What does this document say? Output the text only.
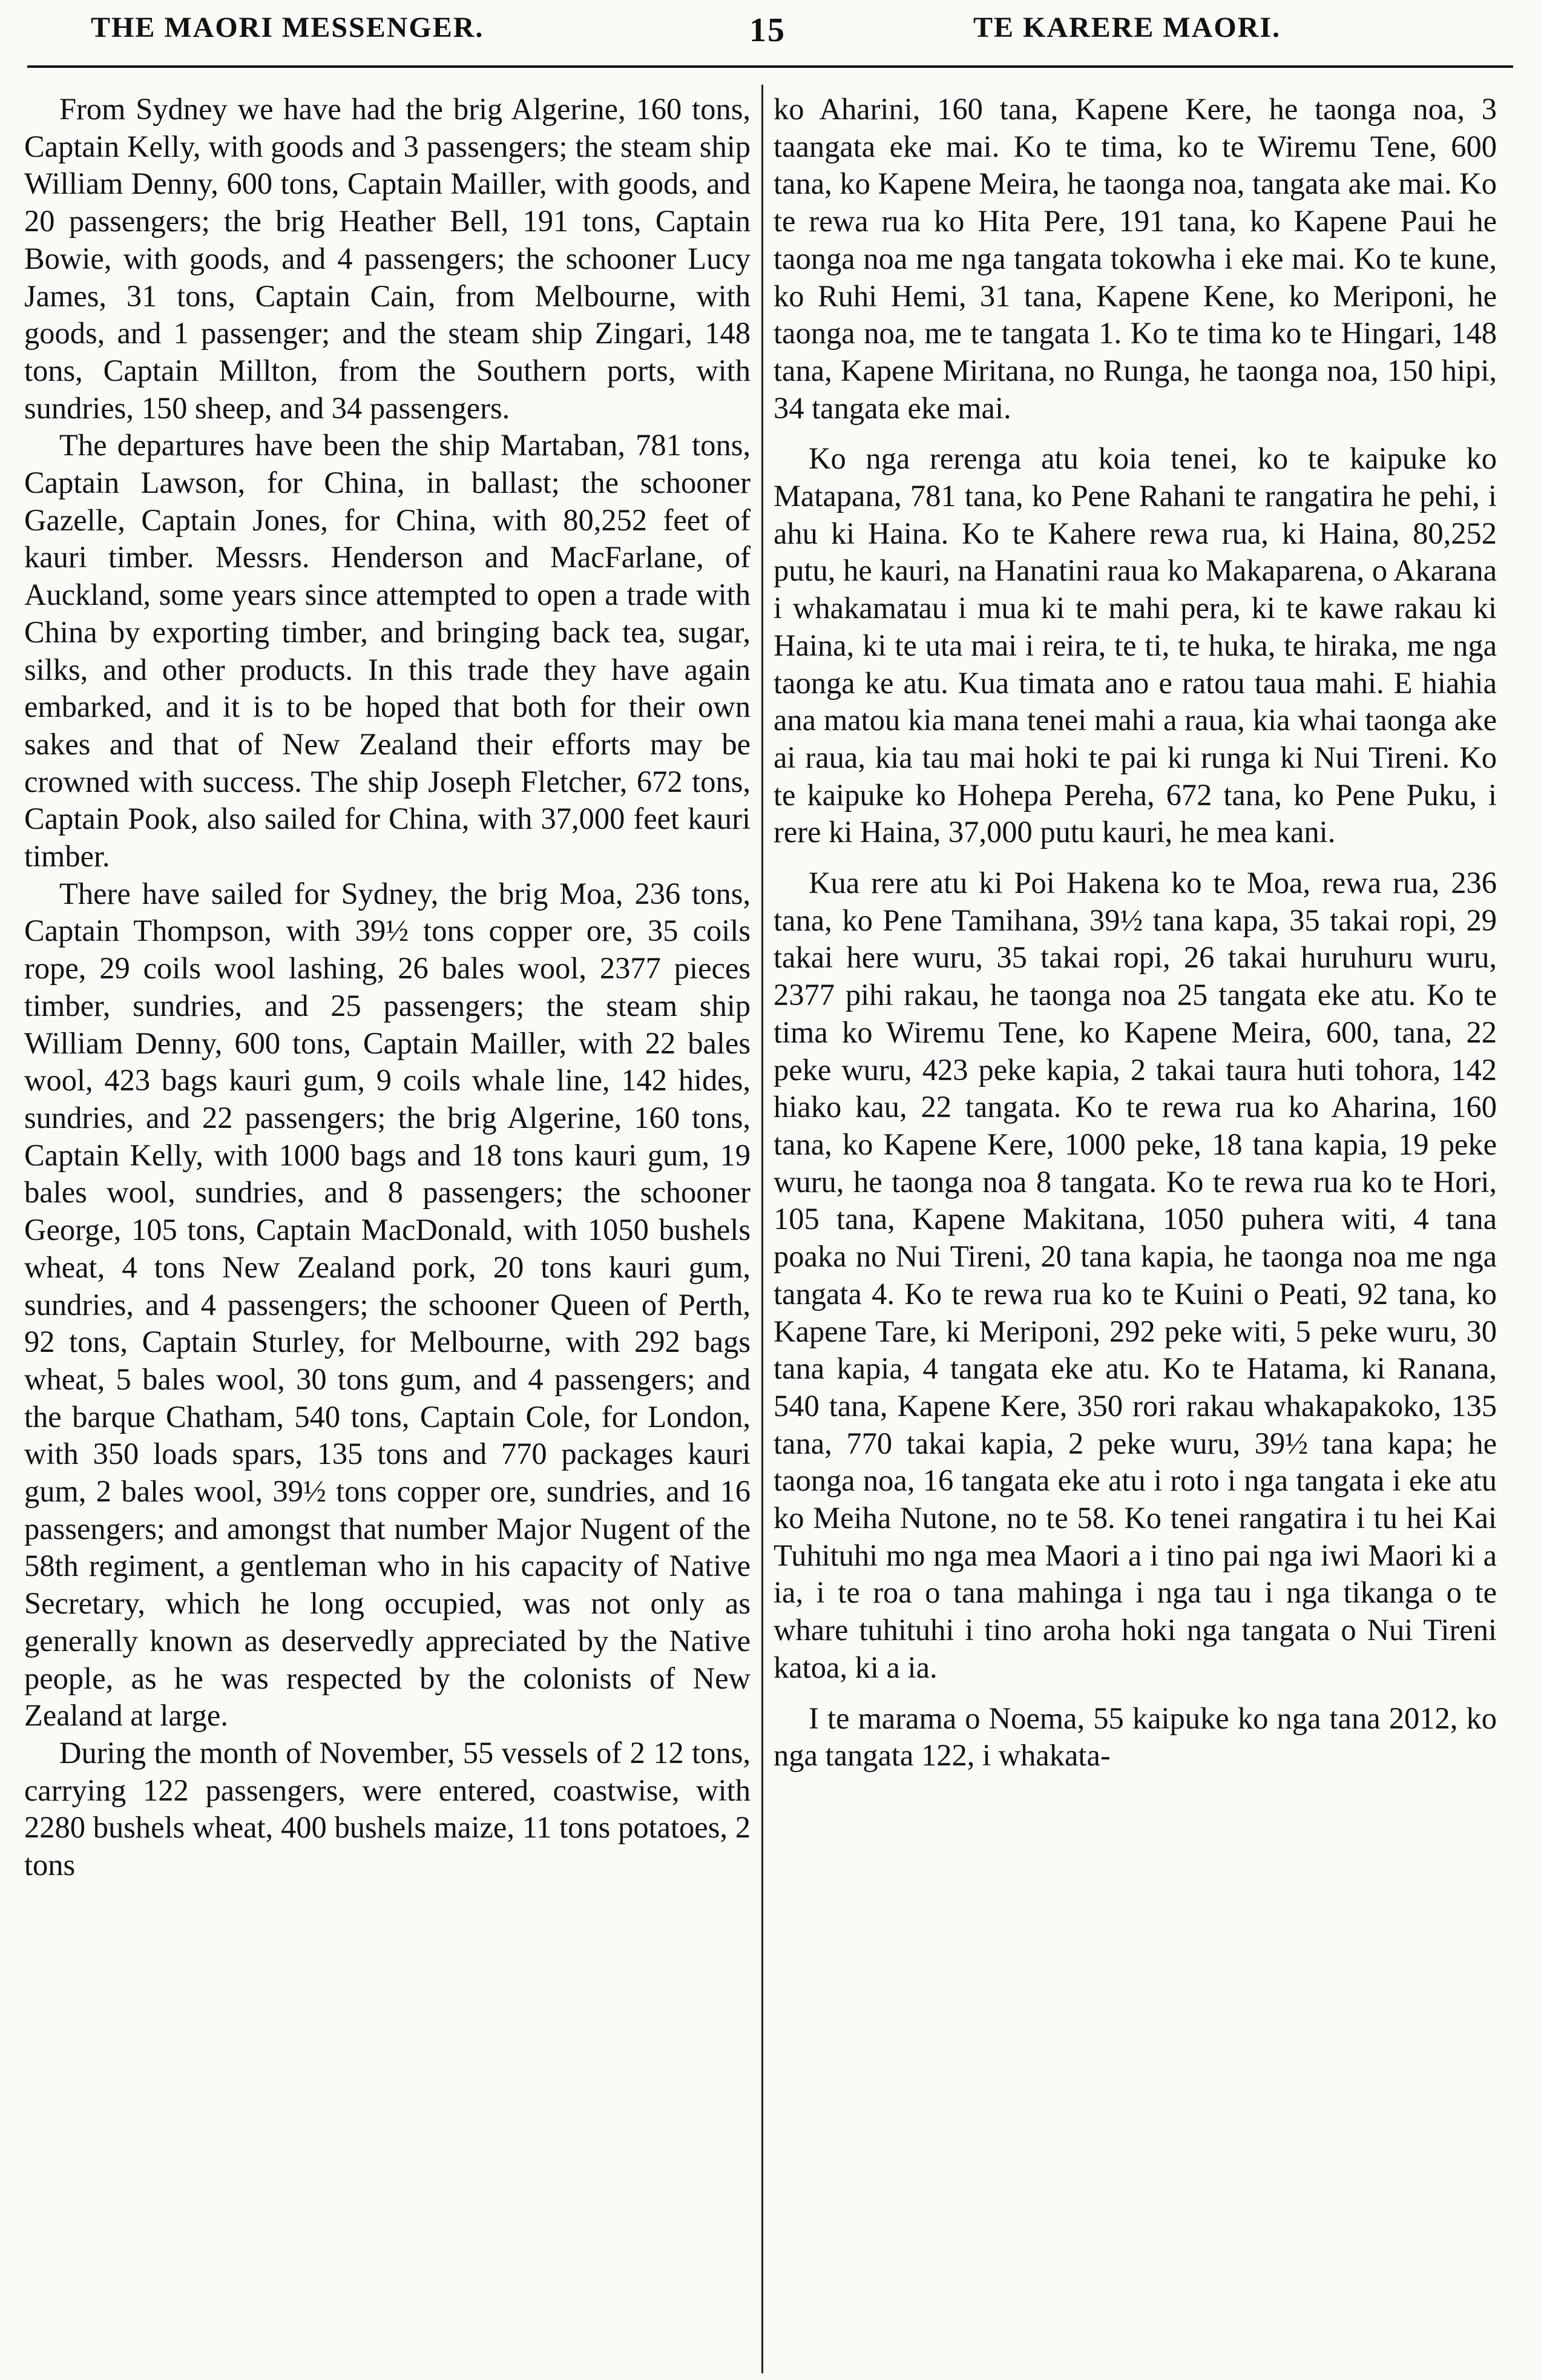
THE MAORI MESSENGER.	15	TE KARERE MAORI.

From Sydney we have had the brig Algerine, 160 tons, Captain Kelly, with goods and 3 passengers; the steam ship William Denny, 600 tons, Captain Mailler, with goods, and 20 passengers; the brig Heather Bell, 191 tons, Captain Bowie, with goods, and 4 passengers; the schooner Lucy James, 31 tons, Captain Cain, from Melbourne, with goods, and 1 passenger; and the steam ship Zingari, 148 tons, Captain Millton, from the Southern ports, with sundries, 150 sheep, and 34 passengers.

The departures have been the ship Martaban, 781 tons, Captain Lawson, for China, in ballast; the schooner Gazelle, Captain Jones, for China, with 80,252 feet of kauri timber. Messrs. Henderson and MacFarlane, of Auckland, some years since attempted to open a trade with China by exporting timber, and bringing back tea, sugar, silks, and other products. In this trade they have again embarked, and it is to be hoped that both for their own sakes and that of New Zealand their efforts may be crowned with success. The ship Joseph Fletcher, 672 tons, Captain Pook, also sailed for China, with 37,000 feet kauri timber.

There have sailed for Sydney, the brig Moa, 236 tons, Captain Thompson, with 39½ tons copper ore, 35 coils rope, 29 coils wool lashing, 26 bales wool, 2377 pieces timber, sundries, and 25 passengers; the steam ship William Denny, 600 tons, Captain Mailler, with 22 bales wool, 423 bags kauri gum, 9 coils whale line, 142 hides, sundries, and 22 passengers; the brig Algerine, 160 tons, Captain Kelly, with 1000 bags and 18 tons kauri gum, 19 bales wool, sundries, and 8 passengers; the schooner George, 105 tons, Captain MacDonald, with 1050 bushels wheat, 4 tons New Zealand pork, 20 tons kauri gum, sundries, and 4 passengers; the schooner Queen of Perth, 92 tons, Captain Sturley, for Melbourne, with 292 bags wheat, 5 bales wool, 30 tons gum, and 4 passengers; and the barque Chatham, 540 tons, Captain Cole, for London, with 350 loads spars, 135 tons and 770 packages kauri gum, 2 bales wool, 39½ tons copper ore, sundries, and 16 passengers; and amongst that number Major Nugent of the 58th regiment, a gentleman who in his capacity of Native Secretary, which he long occupied, was not only as generally known as deservedly appreciated by the Native people, as he was respected by the colonists of New Zealand at large.

During the month of November, 55 vessels of 2 12 tons, carrying 122 passengers, were entered, coastwise, with 2280 bushels wheat, 400 bushels maize, 11 tons potatoes, 2 tons

ko Aharini, 160 tana, Kapene Kere, he taonga noa, 3 taangata eke mai. Ko te tima, ko te Wiremu Tene, 600 tana, ko Kapene Meira, he taonga noa, tangata ake mai. Ko te rewa rua ko Hita Pere, 191 tana, ko Kapene Paui he taonga noa me nga tangata tokowha i eke mai. Ko te kune, ko Ruhi Hemi, 31 tana, Kapene Kene, ko Meriponi, he taonga noa, me te tangata 1. Ko te tima ko te Hingari, 148 tana, Kapene Miritana, no Runga, he taonga noa, 150 hipi, 34 tangata eke mai.

Ko nga rerenga atu koia tenei, ko te kaipuke ko Matapana, 781 tana, ko Pene Rahani te rangatira he pehi, i ahu ki Haina. Ko te Kahere rewa rua, ki Haina, 80,252 putu, he kauri, na Hanatini raua ko Makaparena, o Akarana i whakamatau i mua ki te mahi pera, ki te kawe rakau ki Haina, ki te uta mai i reira, te ti, te huka, te hiraka, me nga taonga ke atu. Kua timata ano e ratou taua mahi. E hiahia ana matou kia mana tenei mahi a raua, kia whai taonga ake ai raua, kia tau mai hoki te pai ki runga ki Nui Tireni. Ko te kaipuke ko Hohepa Pereha, 672 tana, ko Pene Puku, i rere ki Haina, 37,000 putu kauri, he mea kani.

Kua rere atu ki Poi Hakena ko te Moa, rewa rua, 236 tana, ko Pene Tamihana, 39½ tana kapa, 35 takai ropi, 29 takai here wuru, 35 takai ropi, 26 takai huruhuru wuru, 2377 pihi rakau, he taonga noa 25 tangata eke atu. Ko te tima ko Wiremu Tene, ko Kapene Meira, 600, tana, 22 peke wuru, 423 peke kapia, 2 takai taura huti tohora, 142 hiako kau, 22 tangata. Ko te rewa rua ko Aharina, 160 tana, ko Kapene Kere, 1000 peke, 18 tana kapia, 19 peke wuru, he taonga noa 8 tangata. Ko te rewa rua ko te Hori, 105 tana, Kapene Makitana, 1050 puhera witi, 4 tana poaka no Nui Tireni, 20 tana kapia, he taonga noa me nga tangata 4. Ko te rewa rua ko te Kuini o Peati, 92 tana, ko Kapene Tare, ki Meriponi, 292 peke witi, 5 peke wuru, 30 tana kapia, 4 tangata eke atu. Ko te Hatama, ki Ranana, 540 tana, Kapene Kere, 350 rori rakau whakapakoko, 135 tana, 770 takai kapia, 2 peke wuru, 39½ tana kapa; he taonga noa, 16 tangata eke atu i roto i nga tangata i eke atu ko Meiha Nutone, no te 58. Ko tenei rangatira i tu hei Kai Tuhituhi mo nga mea Maori a i tino pai nga iwi Maori ki a ia, i te roa o tana mahinga i nga tau i nga tikanga o te whare tuhituhi i tino aroha hoki nga tangata o Nui Tireni katoa, ki a ia.

I te marama o Noema, 55 kaipuke ko nga tana 2012, ko nga tangata 122, i whakata-
